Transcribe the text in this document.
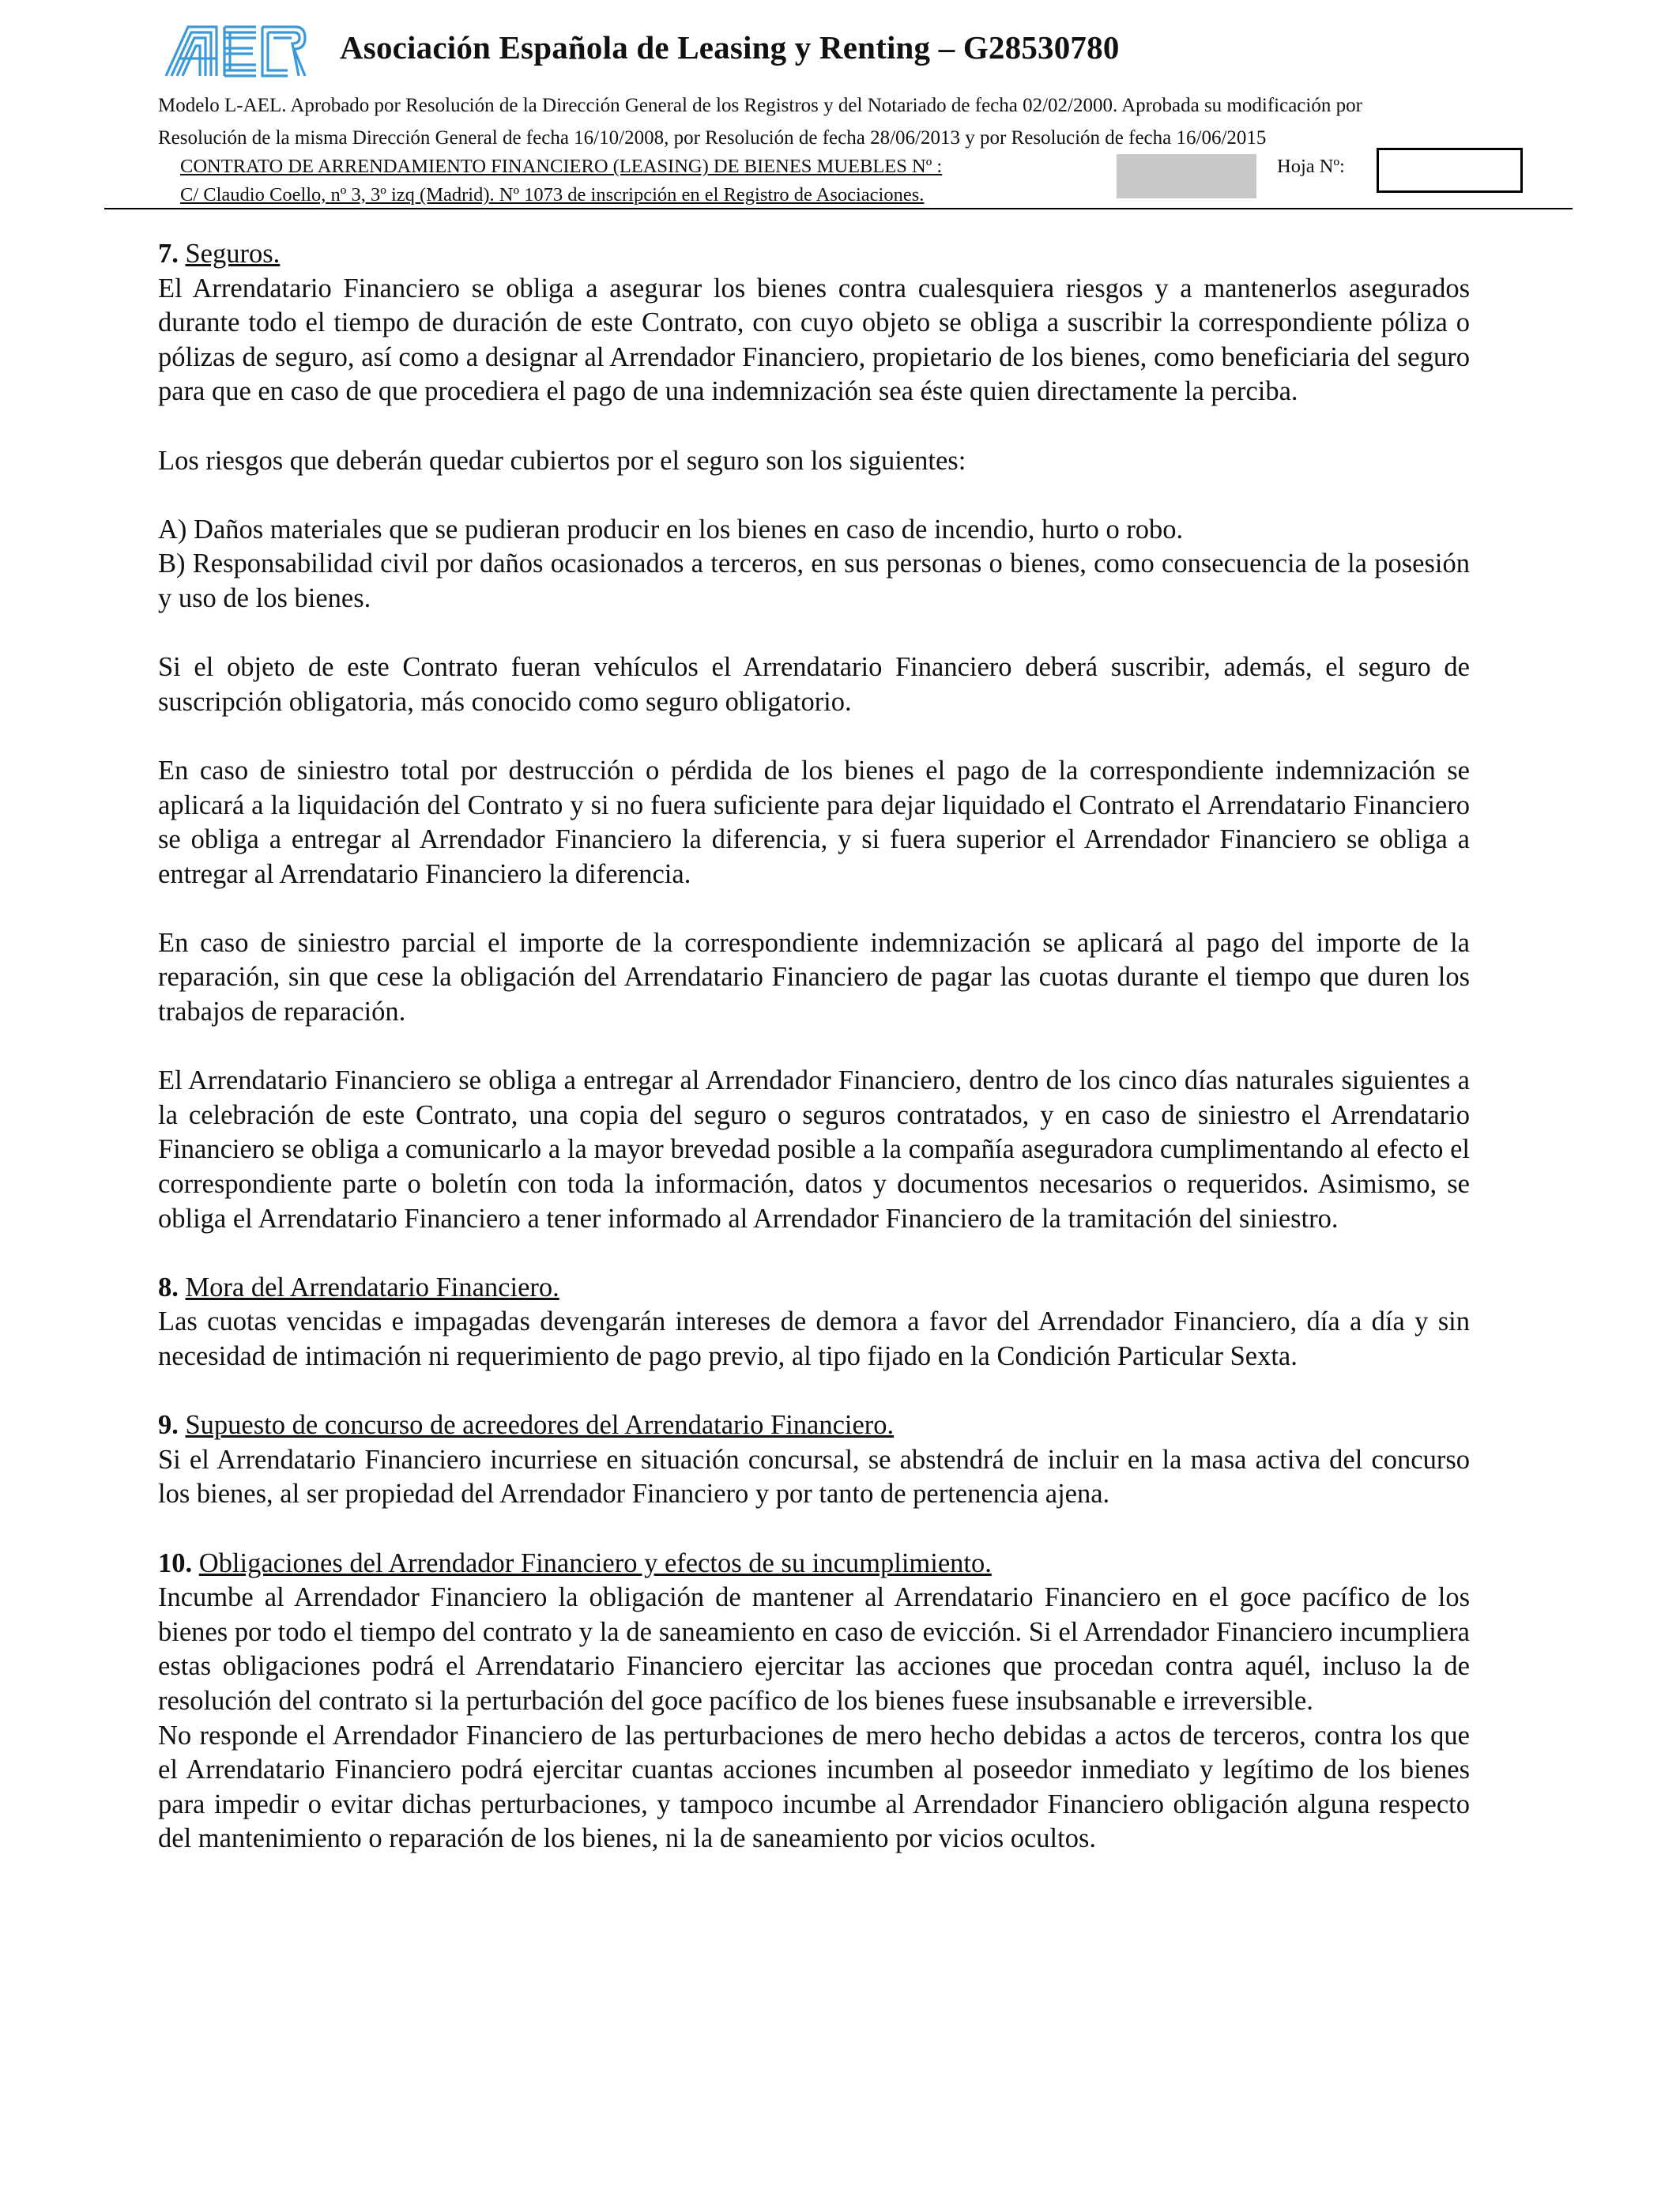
Asociación Española de Leasing y Renting – G28530780
Modelo L-AEL. Aprobado por Resolución de la Dirección General de los Registros y del Notariado de fecha 02/02/2000. Aprobada su modificación por
Resolución de la misma Dirección General de fecha 16/10/2008, por Resolución de fecha 28/06/2013 y por Resolución de fecha 16/06/2015
CONTRATO DE ARRENDAMIENTO FINANCIERO (LEASING) DE BIENES MUEBLES Nº :	Hoja Nº:
C/ Claudio Coello, nº 3, 3º izq (Madrid). Nº 1073 de inscripción en el Registro de Asociaciones.

7. Seguros.

El Arrendatario Financiero se obliga a asegurar los bienes contra cualesquiera riesgos y a mantenerlos asegurados durante todo el tiempo de duración de este Contrato, con cuyo objeto se obliga a suscribir la correspondiente póliza o pólizas de seguro, así como a designar al Arrendador Financiero, propietario de los bienes, como beneficiaria del seguro para que en caso de que procediera el pago de una indemnización sea éste quien directamente la perciba.

Los riesgos que deberán quedar cubiertos por el seguro son los siguientes:

A) Daños materiales que se pudieran producir en los bienes en caso de incendio, hurto o robo.

B) Responsabilidad civil por daños ocasionados a terceros, en sus personas o bienes, como consecuencia de la posesión y uso de los bienes.

Si el objeto de este Contrato fueran vehículos el Arrendatario Financiero deberá suscribir, además, el seguro de suscripción obligatoria, más conocido como seguro obligatorio.

En caso de siniestro total por destrucción o pérdida de los bienes el pago de la correspondiente indemnización se aplicará a la liquidación del Contrato y si no fuera suficiente para dejar liquidado el Contrato el Arrendatario Financiero se obliga a entregar al Arrendador Financiero la diferencia, y si fuera superior el Arrendador Financiero se obliga a entregar al Arrendatario Financiero la diferencia.

En caso de siniestro parcial el importe de la correspondiente indemnización se aplicará al pago del importe de la reparación, sin que cese la obligación del Arrendatario Financiero de pagar las cuotas durante el tiempo que duren los trabajos de reparación.

El Arrendatario Financiero se obliga a entregar al Arrendador Financiero, dentro de los cinco días naturales siguientes a la celebración de este Contrato, una copia del seguro o seguros contratados, y en caso de siniestro el Arrendatario Financiero se obliga a comunicarlo a la mayor brevedad posible a la compañía aseguradora cumplimentando al efecto el correspondiente parte o boletín con toda la información, datos y documentos necesarios o requeridos. Asimismo, se obliga el Arrendatario Financiero a tener informado al Arrendador Financiero de la tramitación del siniestro.

8. Mora del Arrendatario Financiero.

Las cuotas vencidas e impagadas devengarán intereses de demora a favor del Arrendador Financiero, día a día y sin necesidad de intimación ni requerimiento de pago previo, al tipo fijado en la Condición Particular Sexta.

9. Supuesto de concurso de acreedores del Arrendatario Financiero.

Si el Arrendatario Financiero incurriese en situación concursal, se abstendrá de incluir en la masa activa del concurso los bienes, al ser propiedad del Arrendador Financiero y por tanto de pertenencia ajena.

10. Obligaciones del Arrendador Financiero y efectos de su incumplimiento.

Incumbe al Arrendador Financiero la obligación de mantener al Arrendatario Financiero en el goce pacífico de los bienes por todo el tiempo del contrato y la de saneamiento en caso de evicción. Si el Arrendador Financiero incumpliera estas obligaciones podrá el Arrendatario Financiero ejercitar las acciones que procedan contra aquél, incluso la de resolución del contrato si la perturbación del goce pacífico de los bienes fuese insubsanable e irreversible.

No responde el Arrendador Financiero de las perturbaciones de mero hecho debidas a actos de terceros, contra los que el Arrendatario Financiero podrá ejercitar cuantas acciones incumben al poseedor inmediato y legítimo de los bienes para impedir o evitar dichas perturbaciones, y tampoco incumbe al Arrendador Financiero obligación alguna respecto del mantenimiento o reparación de los bienes, ni la de saneamiento por vicios ocultos.
